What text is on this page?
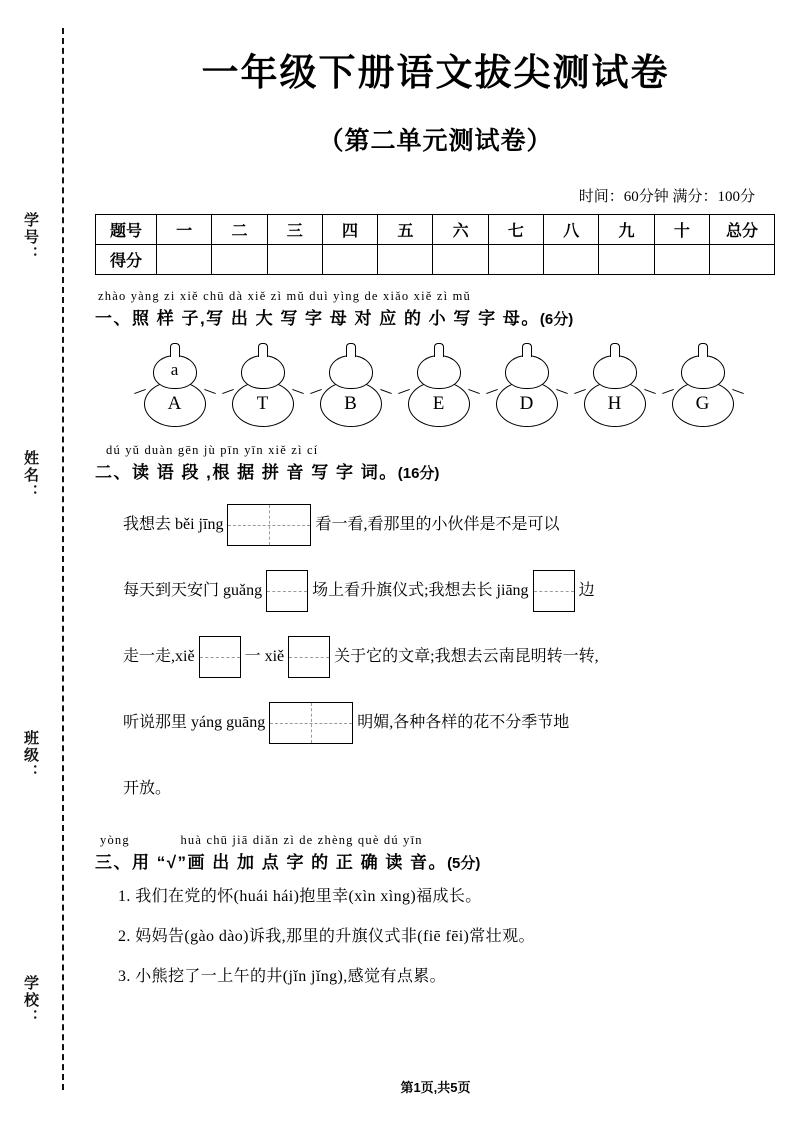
学号：
姓名：
班级：
学校：
一年级下册语文拔尖测试卷
（第二单元测试卷）
时间：60分钟 满分：100分
题号	一	二	三	四	五	六	七	八	九	十	总分
得分											
zhào yàng zi xiě chū dà xiě zì mǔ duì yìng de xiǎo xiě zì mǔ
一、照 样 子,写 出 大 写 字 母 对 应 的 小 写 字 母。(6分)
a
A	T	B	E	D	H	G
dú yǔ duàn gēn jù pīn yīn xiě zì cí
二、读 语 段 ,根 据 拼 音 写 字 词。(16分)
我想去 běi jīng	看一看,看那里的小伙伴是不是可以
每天到天安门 guǎng	场上看升旗仪式;我想去长 jiāng	边
走一走,xiě	一 xiě	关于它的文章;我想去云南昆明转一转,
听说那里 yáng guāng	明媚,各种各样的花不分季节地
开放。
yòng	huà chū jiā diǎn zì de zhèng què dú yīn
三、用 “√”画 出 加 点 字 的 正 确 读 音。(5分)
1. 我们在党的怀(huái hái)抱里幸(xìn xìng)福成长。
2. 妈妈告(gào dào)诉我,那里的升旗仪式非(fiē fēi)常壮观。
3. 小熊挖了一上午的井(jǐn jǐng),感觉有点累。
第1页,共5页
